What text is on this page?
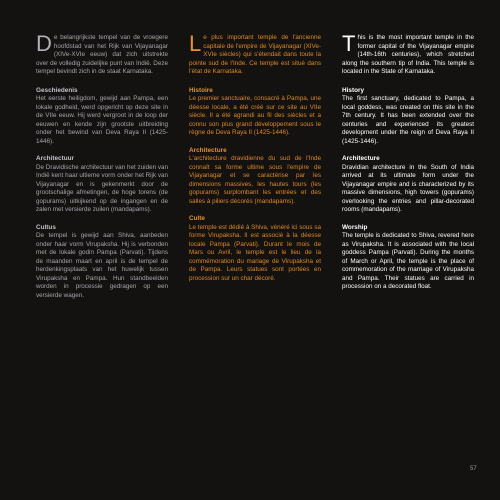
De belangrijkste tempel van de vroegere hoofdstad van het Rijk van Vijayanagar (XIVe-XVIe eeuw) dat zich uitstrekte over de volledig zuidelijke punt van Indië. Deze tempel bevindt zich in de staat Karnataka.
Geschiedenis
Het eerste heiligdom, gewijd aan Pampa, een lokale godheid, werd opgericht op deze site in de VIIe eeuw. Hij werd vergroot in de loop der eeuwen en kende zijn grootste uitbreiding onder het bewind van Deva Raya II (1425-1446).
Architectuur
De Dravidische architectuur van het zuiden van Indië kent haar ultieme vorm onder het Rijk van Vijayanagar en is gekenmerkt door de grootschalige afmetingen, de hoge torens (de gopurams) uitkijkend op de ingangen en de zalen met versierde zuilen (mandapams).
Cultus
De tempel is gewijd aan Shiva, aanbeden onder haar vorm Virupaksha. Hij is verbonden met de lokale godin Pampa (Parvati). Tijdens de maanden maart en april is de tempel de herdenkingsplaats van het huwelijk tussen Virupaksha en Pampa. Hun standbeelden worden in processie gedragen op een versierde wagen.
Le plus important temple de l'ancienne capitale de l'empire de Vijayanagar (XIVe-XVIe siècles) qui s'étendait dans toute la pointe sud de l'Inde. Ce temple est situé dans l'état de Karnataka.
Histoire
Le premier sanctuaire, consacré à Pampa, une déesse locale, a été créé sur ce site au VIIe siècle. Il a été agrandi au fil des siècles et a connu son plus grand développement sous le règne de Deva Raya II (1425-1446).
Architecture
L'architecture dravidienne du sud de l'Inde connaît sa forme ultime sous l'empire de Vijayanagar et se caractérise par les dimensions massives, les hautes tours (les gopurams) surplombant les entrées et des salles à piliers décorés (mandapams).
Culte
Le temple est dédié à Shiva, vénéré ici sous sa forme Virupaksha. Il est associé à la déesse locale Pampa (Parvati). Durant le mois de Mars ou Avril, le temple est le lieu de la commémoration du mariage de Virupaksha et de Pampa. Leurs statues sont portées en procession sur un char décoré.
This is the most important temple in the former capital of the Vijayanagar empire (14th-16th centuries), which stretched along the southern tip of India. This temple is located in the State of Karnataka.
History
The first sanctuary, dedicated to Pampa, a local goddess, was created on this site in the 7th century. It has been extended over the centuries and experienced its greatest development under the reign of Deva Raya II (1425-1446).
Architecture
Dravidian architecture in the South of India arrived at its ultimate form under the Vijayanagar empire and is characterized by its massive dimensions, high towers (gopurams) overlooking the entries and pillar-decorated rooms (mandapams).
Worship
The temple is dedicated to Shiva, revered here as Virupaksha. It is associated with the local goddess Pampa (Parvati). During the months of March or April, the temple is the place of commemoration of the marriage of Virupaksha and Pampa. Their statues are carried in procession on a decorated float.
57
